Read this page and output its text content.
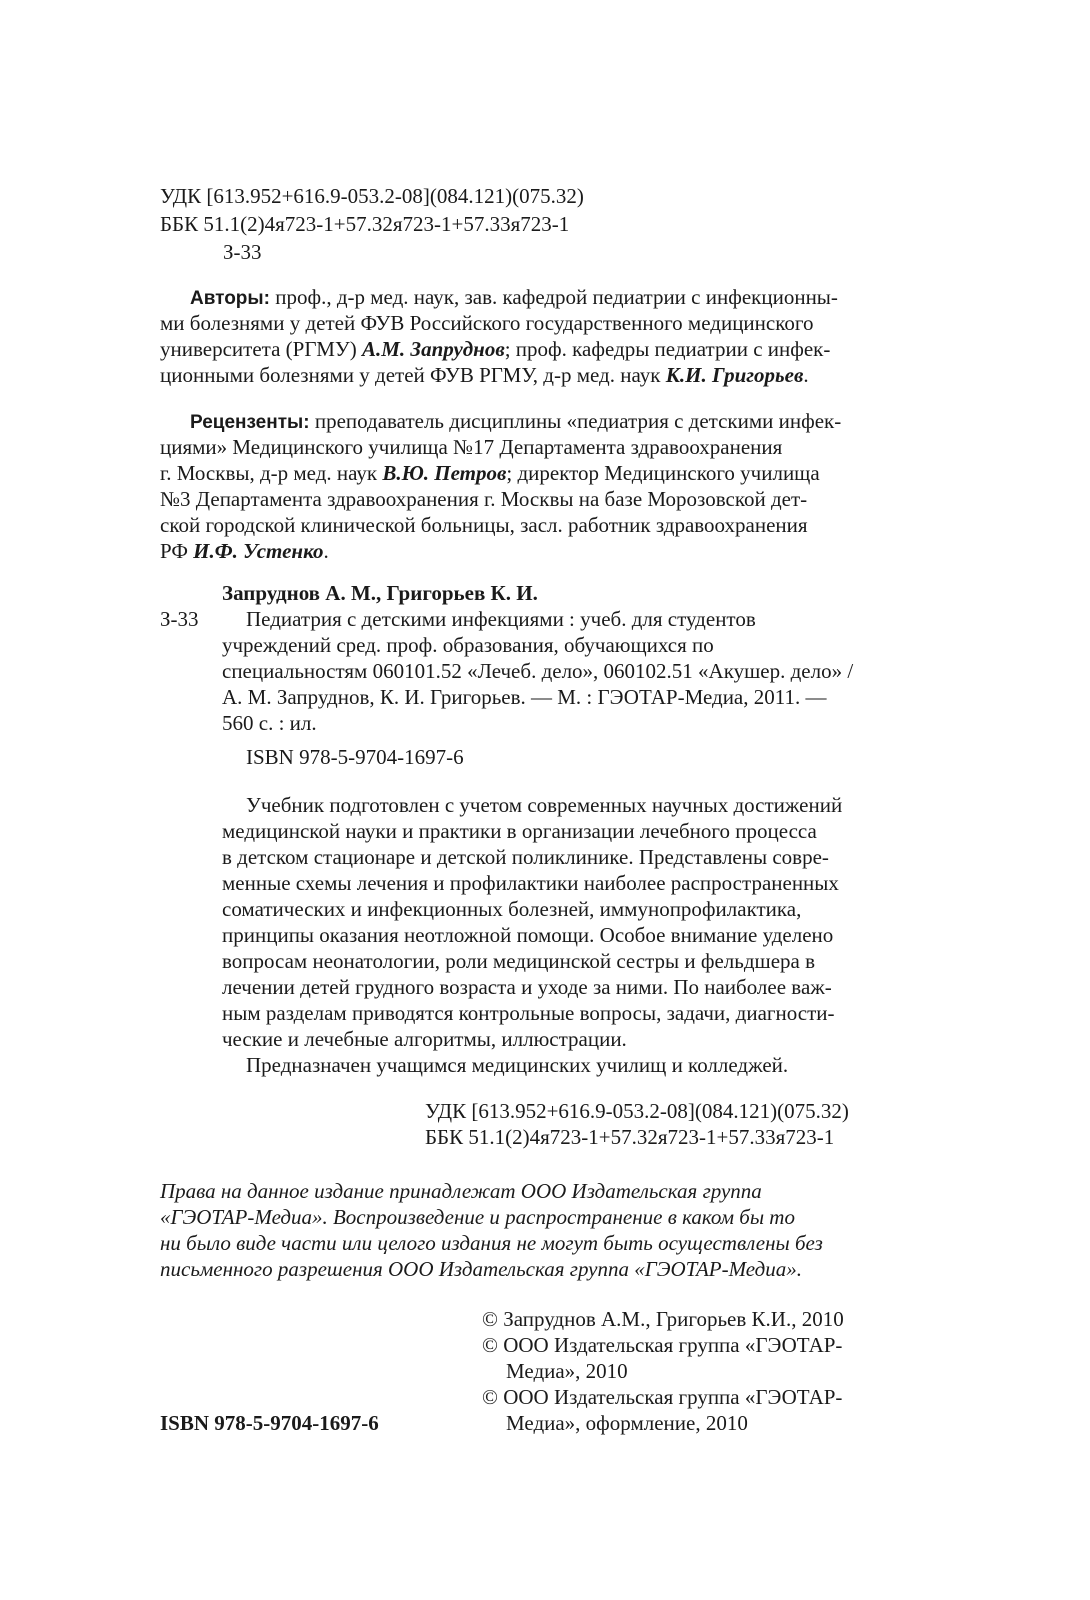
УДК [613.952+616.9-053.2-08](084.121)(075.32)
ББК 51.1(2)4я723-1+57.32я723-1+57.33я723-1
З-33
Авторы: проф., д-р мед. наук, зав. кафедрой педиатрии с инфекционны-
ми болезнями у детей ФУВ Российского государственного медицинского
университета (РГМУ) А.М. Запруднов; проф. кафедры педиатрии с инфек-
ционными болезнями у детей ФУВ РГМУ, д-р мед. наук К.И. Григорьев.
Рецензенты: преподаватель дисциплины «педиатрия с детскими инфек-
циями» Медицинского училища №17 Департамента здравоохранения
г. Москвы, д-р мед. наук В.Ю. Петров; директор Медицинского училища
№3 Департамента здравоохранения г. Москвы на базе Морозовской дет-
ской городской клинической больницы, засл. работник здравоохранения
РФ И.Ф. Устенко.
Запруднов А. М., Григорьев К. И.
З-33 Педиатрия с детскими инфекциями : учеб. для студентов
учреждений сред. проф. образования, обучающихся по
специальностям 060101.52 «Лечеб. дело», 060102.51 «Акушер. дело» /
А. М. Запруднов, К. И. Григорьев. — М. : ГЭОТАР-Медиа, 2011. —
560 с. : ил.
ISBN 978-5-9704-1697-6
Учебник подготовлен с учетом современных научных достижений
медицинской науки и практики в организации лечебного процесса
в детском стационаре и детской поликлинике. Представлены совре-
менные схемы лечения и профилактики наиболее распространенных
соматических и инфекционных болезней, иммунопрофилактика,
принципы оказания неотложной помощи. Особое внимание уделено
вопросам неонатологии, роли медицинской сестры и фельдшера в
лечении детей грудного возраста и уходе за ними. По наиболее важ-
ным разделам приводятся контрольные вопросы, задачи, диагности-
ческие и лечебные алгоритмы, иллюстрации.
Предназначен учащимся медицинских училищ и колледжей.
УДК [613.952+616.9-053.2-08](084.121)(075.32)
ББК 51.1(2)4я723-1+57.32я723-1+57.33я723-1
Права на данное издание принадлежат ООО Издательская группа
«ГЭОТАР-Медиа». Воспроизведение и распространение в каком бы то
ни было виде части или целого издания не могут быть осуществлены без
письменного разрешения ООО Издательская группа «ГЭОТАР-Медиа».
© Запруднов А.М., Григорьев К.И., 2010
© ООО Издательская группа «ГЭОТАР-
Медиа», 2010
© ООО Издательская группа «ГЭОТАР-
Медиа», оформление, 2010
ISBN 978-5-9704-1697-6
